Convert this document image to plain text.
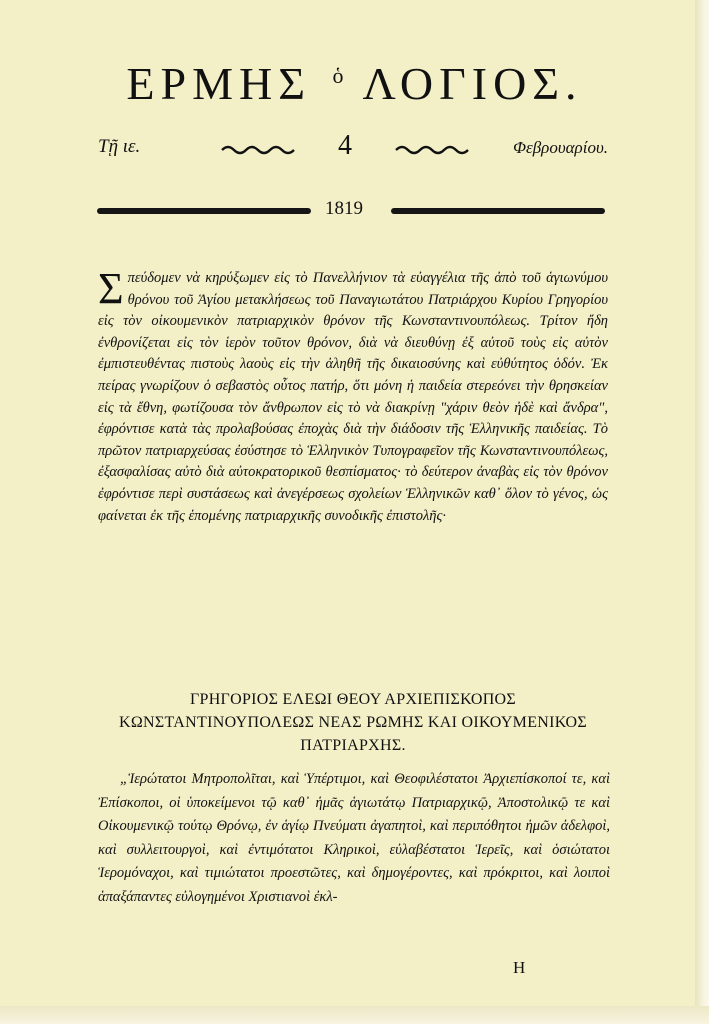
ΕΡΜΗΣ $^ὁ$ ΛΟΓΙΟΣ.
Τῇ ιε.	4	Φεβρουαρίου.
1819

Σπεύδομεν νὰ κηρύξωμεν εἰς τὸ Πανελλήνιον τὰ εὐαγγέλια τῆς ἀπὸ τοῦ ἁγιωνύμου θρόνου τοῦ Ἁγίου μετακλήσεως τοῦ Παναγιωτάτου Πατριάρχου Κυρίου Γρηγορίου εἰς τὸν οἰκουμενικὸν πατριαρχικὸν θρόνον τῆς Κωνσταντινουπόλεως. Τρίτον ἤδη ἐνθρονίζεται εἰς τὸν ἱερὸν τοῦτον θρόνον, διὰ νὰ διευθύνῃ ἐξ αὐτοῦ τοὺς εἰς αὐτὸν ἐμπιστευθέντας πιστοὺς λαοὺς εἰς τὴν ἀληθῆ τῆς δικαιοσύνης καὶ εὐθύτητος ὁδόν. Ἐκ πείρας γνωρίζουν ὁ σεβαστὸς οὗτος πατήρ, ὅτι μόνη ἡ παιδεία στερεόνει τὴν θρησκείαν εἰς τὰ ἔθνη, φωτίζουσα τὸν ἄνθρωπον εἰς τὸ νὰ διακρίνῃ "χάριν θεὸν ἠδὲ καὶ ἄνδρα", ἐφρόντισε κατὰ τὰς προλαβούσας ἐποχὰς διὰ τὴν διάδοσιν τῆς Ἑλληνικῆς παιδείας. Τὸ πρῶτον πατριαρχεύσας ἐσύστησε τὸ Ἑλληνικὸν Τυπογραφεῖον τῆς Κωνσταντινουπόλεως, ἐξασφαλίσας αὐτὸ διὰ αὐτοκρατορικοῦ θεσπίσματος· τὸ δεύτερον ἀναβὰς εἰς τὸν θρόνον ἐφρόντισε περὶ συστάσεως καὶ ἀνεγέρσεως σχολείων Ἑλληνικῶν καθ᾿ ὅλον τὸ γένος, ὡς φαίνεται ἐκ τῆς ἑπομένης πατριαρχικῆς συνοδικῆς ἐπιστολῆς·

ΓΡΗΓΟΡΙΟΣ ΕΛΕΩΙ ΘΕΟΥ ΑΡΧΙΕΠΙΣΚΟΠΟΣ ΚΩΝΣΤΑΝΤΙΝΟΥΠΟΛΕΩΣ ΝΕΑΣ ΡΩΜΗΣ ΚΑΙ ΟΙΚΟΥΜΕΝΙΚΟΣ ΠΑΤΡΙΑΡΧΗΣ.

„Ἱερώτατοι Μητροπολῖται, καὶ Ὑπέρτιμοι, καὶ Θεοφιλέστατοι Ἀρχιεπίσκοποί τε, καὶ Ἐπίσκοποι, οἱ ὑποκείμενοι τῷ καθ᾿ ἡμᾶς ἁγιωτάτῳ Πατριαρχικῷ, Ἀποστολικῷ τε καὶ Οἰκουμενικῷ τούτῳ Θρόνῳ, ἐν ἁγίῳ Πνεύματι ἀγαπητοὶ, καὶ περιπόθητοι ἡμῶν ἀδελφοὶ, καὶ συλλειτουργοὶ, καὶ ἐντιμότατοι Κληρικοὶ, εὐλαβέστατοι Ἱερεῖς, καὶ ὁσιώτατοι Ἱερομόναχοι, καὶ τιμιώτατοι προεστῶτες, καὶ δημογέροντες, καὶ πρόκριτοι, καὶ λοιποὶ ἁπαξάπαντες εὐλογημένοι Χριστιανοὶ ἐκλ-

Η
